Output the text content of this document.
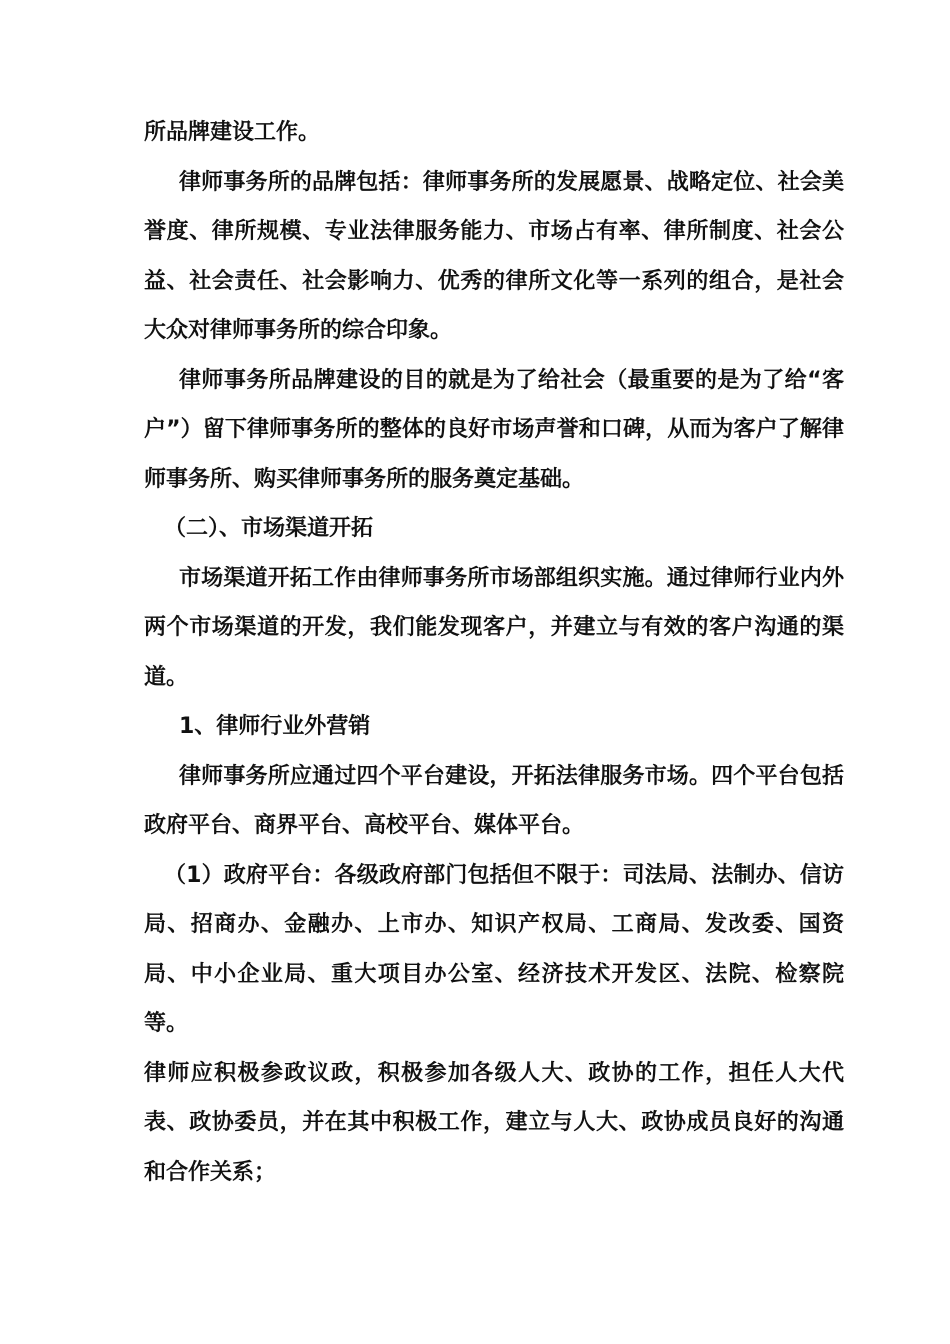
所品牌建设工作。

律师事务所的品牌包括：律师事务所的发展愿景、战略定位、社会美誉度、律所规模、专业法律服务能力、市场占有率、律所制度、社会公益、社会责任、社会影响力、优秀的律所文化等一系列的组合，是社会大众对律师事务所的综合印象。

律师事务所品牌建设的目的就是为了给社会（最重要的是为了给“客户”）留下律师事务所的整体的良好市场声誉和口碑，从而为客户了解律师事务所、购买律师事务所的服务奠定基础。

（二）、市场渠道开拓

市场渠道开拓工作由律师事务所市场部组织实施。通过律师行业内外两个市场渠道的开发，我们能发现客户，并建立与有效的客户沟通的渠道。

1、律师行业外营销

律师事务所应通过四个平台建设，开拓法律服务市场。四个平台包括政府平台、商界平台、高校平台、媒体平台。

（1）政府平台：各级政府部门包括但不限于：司法局、法制办、信访局、招商办、金融办、上市办、知识产权局、工商局、发改委、国资局、中小企业局、重大项目办公室、经济技术开发区、法院、检察院等。

律师应积极参政议政，积极参加各级人大、政协的工作，担任人大代表、政协委员，并在其中积极工作，建立与人大、政协成员良好的沟通和合作关系；
